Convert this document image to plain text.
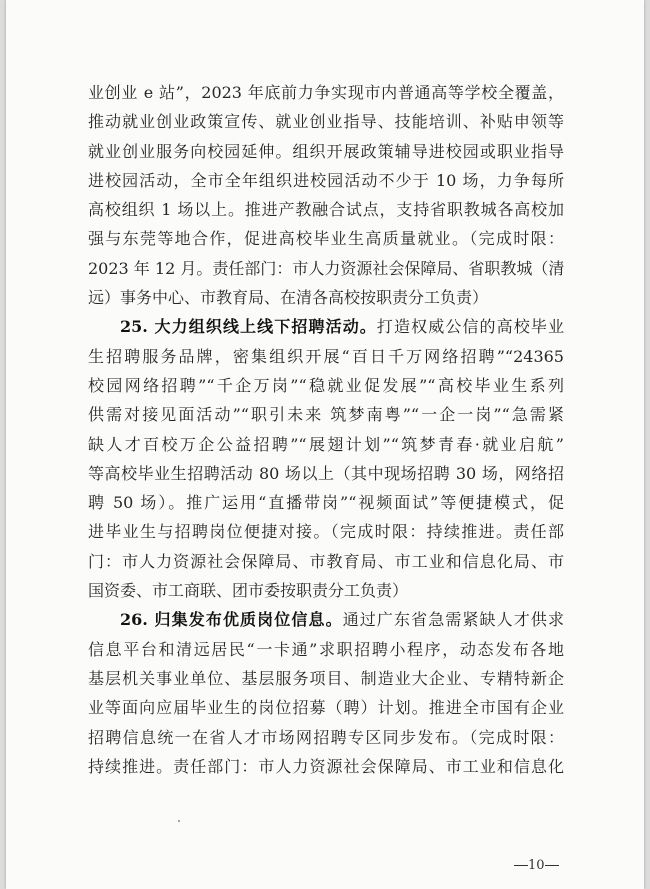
业创业 e 站”，2023 年底前力争实现市内普通高等学校全覆盖，
推动就业创业政策宣传、就业创业指导、技能培训、补贴申领等
就业创业服务向校园延伸。组织开展政策辅导进校园或职业指导
进校园活动，全市全年组织进校园活动不少于 10 场，力争每所
高校组织 1 场以上。推进产教融合试点，支持省职教城各高校加
强与东莞等地合作，促进高校毕业生高质量就业。（完成时限：
2023 年 12 月。责任部门：市人力资源社会保障局、省职教城（清
远）事务中心、市教育局、在清各高校按职责分工负责）
25. 大力组织线上线下招聘活动。打造权威公信的高校毕业
生招聘服务品牌，密集组织开展“百日千万网络招聘”“24365
校园网络招聘”“千企万岗”“稳就业促发展”“高校毕业生系列
供需对接见面活动”“职引未来 筑梦南粤”“一企一岗”“急需紧
缺人才百校万企公益招聘”“展翅计划”“筑梦青春·就业启航”
等高校毕业生招聘活动 80 场以上（其中现场招聘 30 场，网络招
聘 50 场）。推广运用“直播带岗”“视频面试”等便捷模式，促
进毕业生与招聘岗位便捷对接。（完成时限：持续推进。责任部
门：市人力资源社会保障局、市教育局、市工业和信息化局、市
国资委、市工商联、团市委按职责分工负责）
26. 归集发布优质岗位信息。通过广东省急需紧缺人才供求
信息平台和清远居民“一卡通”求职招聘小程序，动态发布各地
基层机关事业单位、基层服务项目、制造业大企业、专精特新企
业等面向应届毕业生的岗位招募（聘）计划。推进全市国有企业
招聘信息统一在省人才市场网招聘专区同步发布。（完成时限：
持续推进。责任部门：市人力资源社会保障局、市工业和信息化
10
